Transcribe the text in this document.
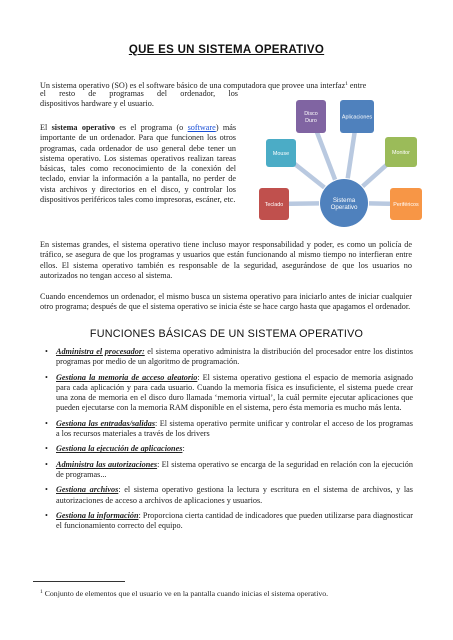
QUE ES UN SISTEMA OPERATIVO
Un sistema operativo (SO) es el software básico de una computadora que provee una interfaz$^1$ entre
el resto de programas del ordenador, los
dispositivos hardware y el usuario.
El sistema operativo es el programa (o software) más importante de un ordenador. Para que funcionen los otros programas, cada ordenador de uso general debe tener un sistema operativo. Los sistemas operativos realizan tareas básicas, tales como reconocimiento de la conexión del teclado, enviar la información a la pantalla, no perder de vista archivos y directorios en el disco, y controlar los dispositivos periféricos tales como impresoras, escáner, etc.	Sistema
Operativo
Teclado
Mouse
Disco
Duro
Aplicaciones
Monitor
Periféricos
En sistemas grandes, el sistema operativo tiene incluso mayor responsabilidad y poder, es como un policía de tráfico, se asegura de que los programas y usuarios que están funcionando al mismo tiempo no interfieran entre ellos. El sistema operativo también es responsable de la seguridad, asegurándose de que los usuarios no autorizados no tengan acceso al sistema.
Cuando encendemos un ordenador, el mismo busca un sistema operativo para iniciarlo antes de iniciar cualquier otro programa; después de que el sistema operativo se inicia éste se hace cargo hasta que apagamos el ordenador.
FUNCIONES BÁSICAS DE UN SISTEMA OPERATIVO
• Administra el procesador: el sistema operativo administra la distribución del procesador entre los distintos programas por medio de un algoritmo de programación.
• Gestiona la memoria de acceso aleatorio: El sistema operativo gestiona el espacio de memoria asignado para cada aplicación y para cada usuario. Cuando la memoria física es insuficiente, el sistema puede crear una zona de memoria en el disco duro llamada ‘memoria virtual’, la cuál permite ejecutar aplicaciones que pueden ejecutarse con la memoria RAM disponible en el sistema, pero ésta memoria es mucho más lenta.
• Gestiona las entradas/salidas: El sistema operativo permite unificar y controlar el acceso de los programas a los recursos materiales a través de los drivers
• Gestiona la ejecución de aplicaciones:
• Administra las autorizaciones: El sistema operativo se encarga de la seguridad en relación con la ejecución de programas...
• Gestiona archivos: el sistema operativo gestiona la lectura y escritura en el sistema de archivos, y las autorizaciones de acceso a archivos de aplicaciones y usuarios.
• Gestiona la información: Proporciona cierta cantidad de indicadores que pueden utilizarse para diagnosticar el funcionamiento correcto del equipo.
$^1$ Conjunto de elementos que el usuario ve en la pantalla cuando inicias el sistema operativo.
